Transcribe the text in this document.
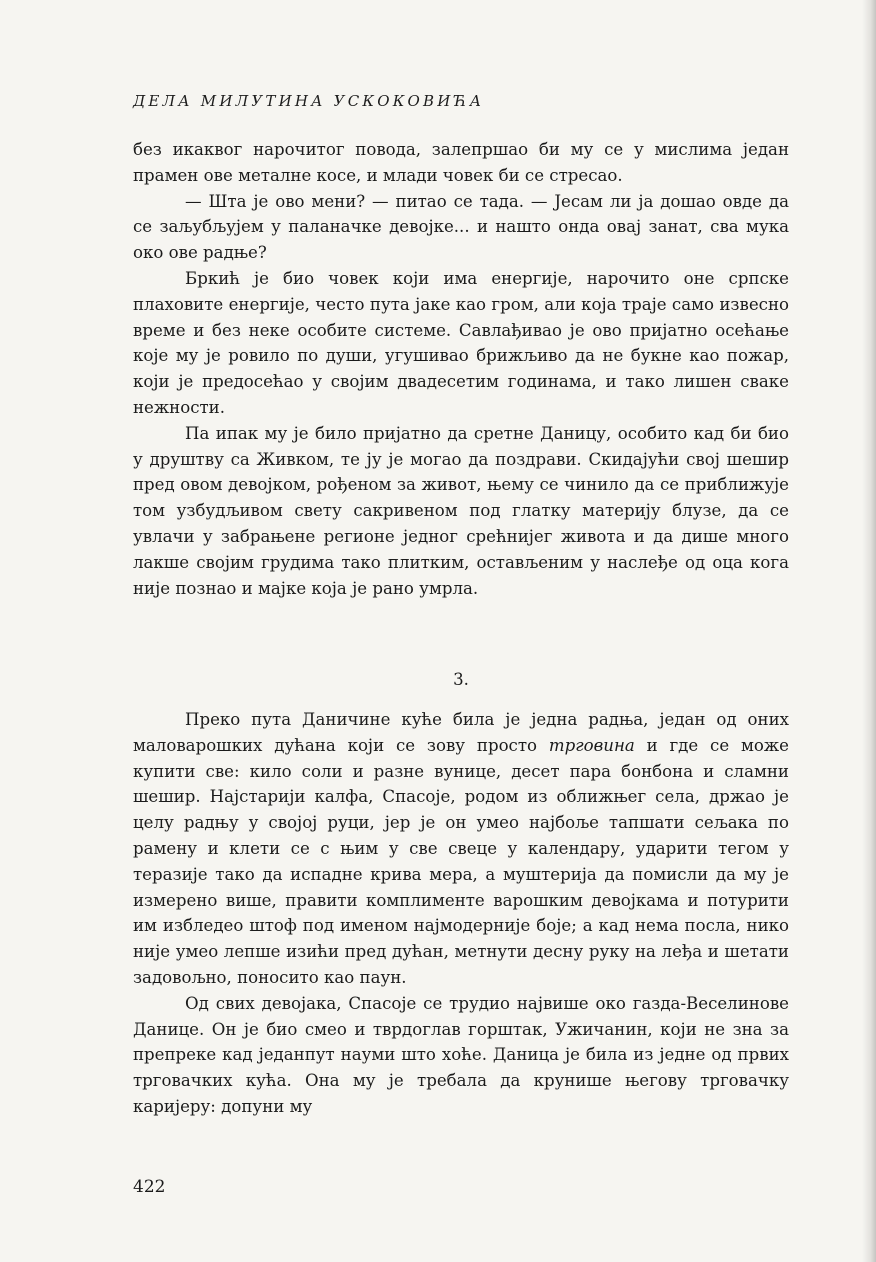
ДЕЛА МИЛУТИНА УСКОКОВИЋА

без икаквог нарочитог повода, залепршао би му се у мислима један прамен ове металне косе, и млади човек би се стресао.

— Шта је ово мени? — питао се тада. — Јесам ли ја дошао овде да се заљубљујем у паланачке девојке... и нашто онда овај занат, сва мука око ове радње?

Бркић је био човек који има енергије, нарочито оне српске плаховите енергије, често пута јаке као гром, али која траје само извесно време и без неке особите системе. Савлађивао је ово пријатно осећање које му је ровило по души, угушивао брижљиво да не букне као пожар, који је предосећао у својим двадесетим годинама, и тако лишен сваке нежности.

Па ипак му је било пријатно да сретне Даницу, особито кад би био у друштву са Живком, те ју је могао да поздрави. Скидајући свој шешир пред овом девојком, рођеном за живот, њему се чинило да се приближује том узбудљивом свету сакривеном под глатку материју блузе, да се увлачи у забрањене регионе једног срећнијег живота и да дише много лакше својим грудима тако плитким, остављеним у наслеђе од оца кога није познао и мајке која је рано умрла.

3.

Преко пута Даничине куће била је једна радња, један од оних маловарошких дућана који се зову просто трговина и где се може купити све: кило соли и разне вунице, десет пара бонбона и сламни шешир. Најстарији калфа, Спасоје, родом из оближњег села, држао је целу радњу у својој руци, јер је он умео најбоље тапшати сељака по рамену и клети се с њим у све свеце у календару, ударити тегом у теразије тако да испадне крива мера, а муштерија да помисли да му је измерено више, правити комплименте варошким девојкама и потурити им избледео штоф под именом најмодерније боје; а кад нема посла, нико није умео лепше изићи пред дућан, метнути десну руку на леђа и шетати задовољно, поносито као паун.

Од свих девојака, Спасоје се трудио највише око газда-Веселинове Данице. Он је био смео и тврдоглав горштак, Ужичанин, који не зна за препреке кад једанпут науми што хоће. Даница је била из једне од првих трговачких кућа. Она му је требала да крунише његову трговачку каријеру: допуни му

422
